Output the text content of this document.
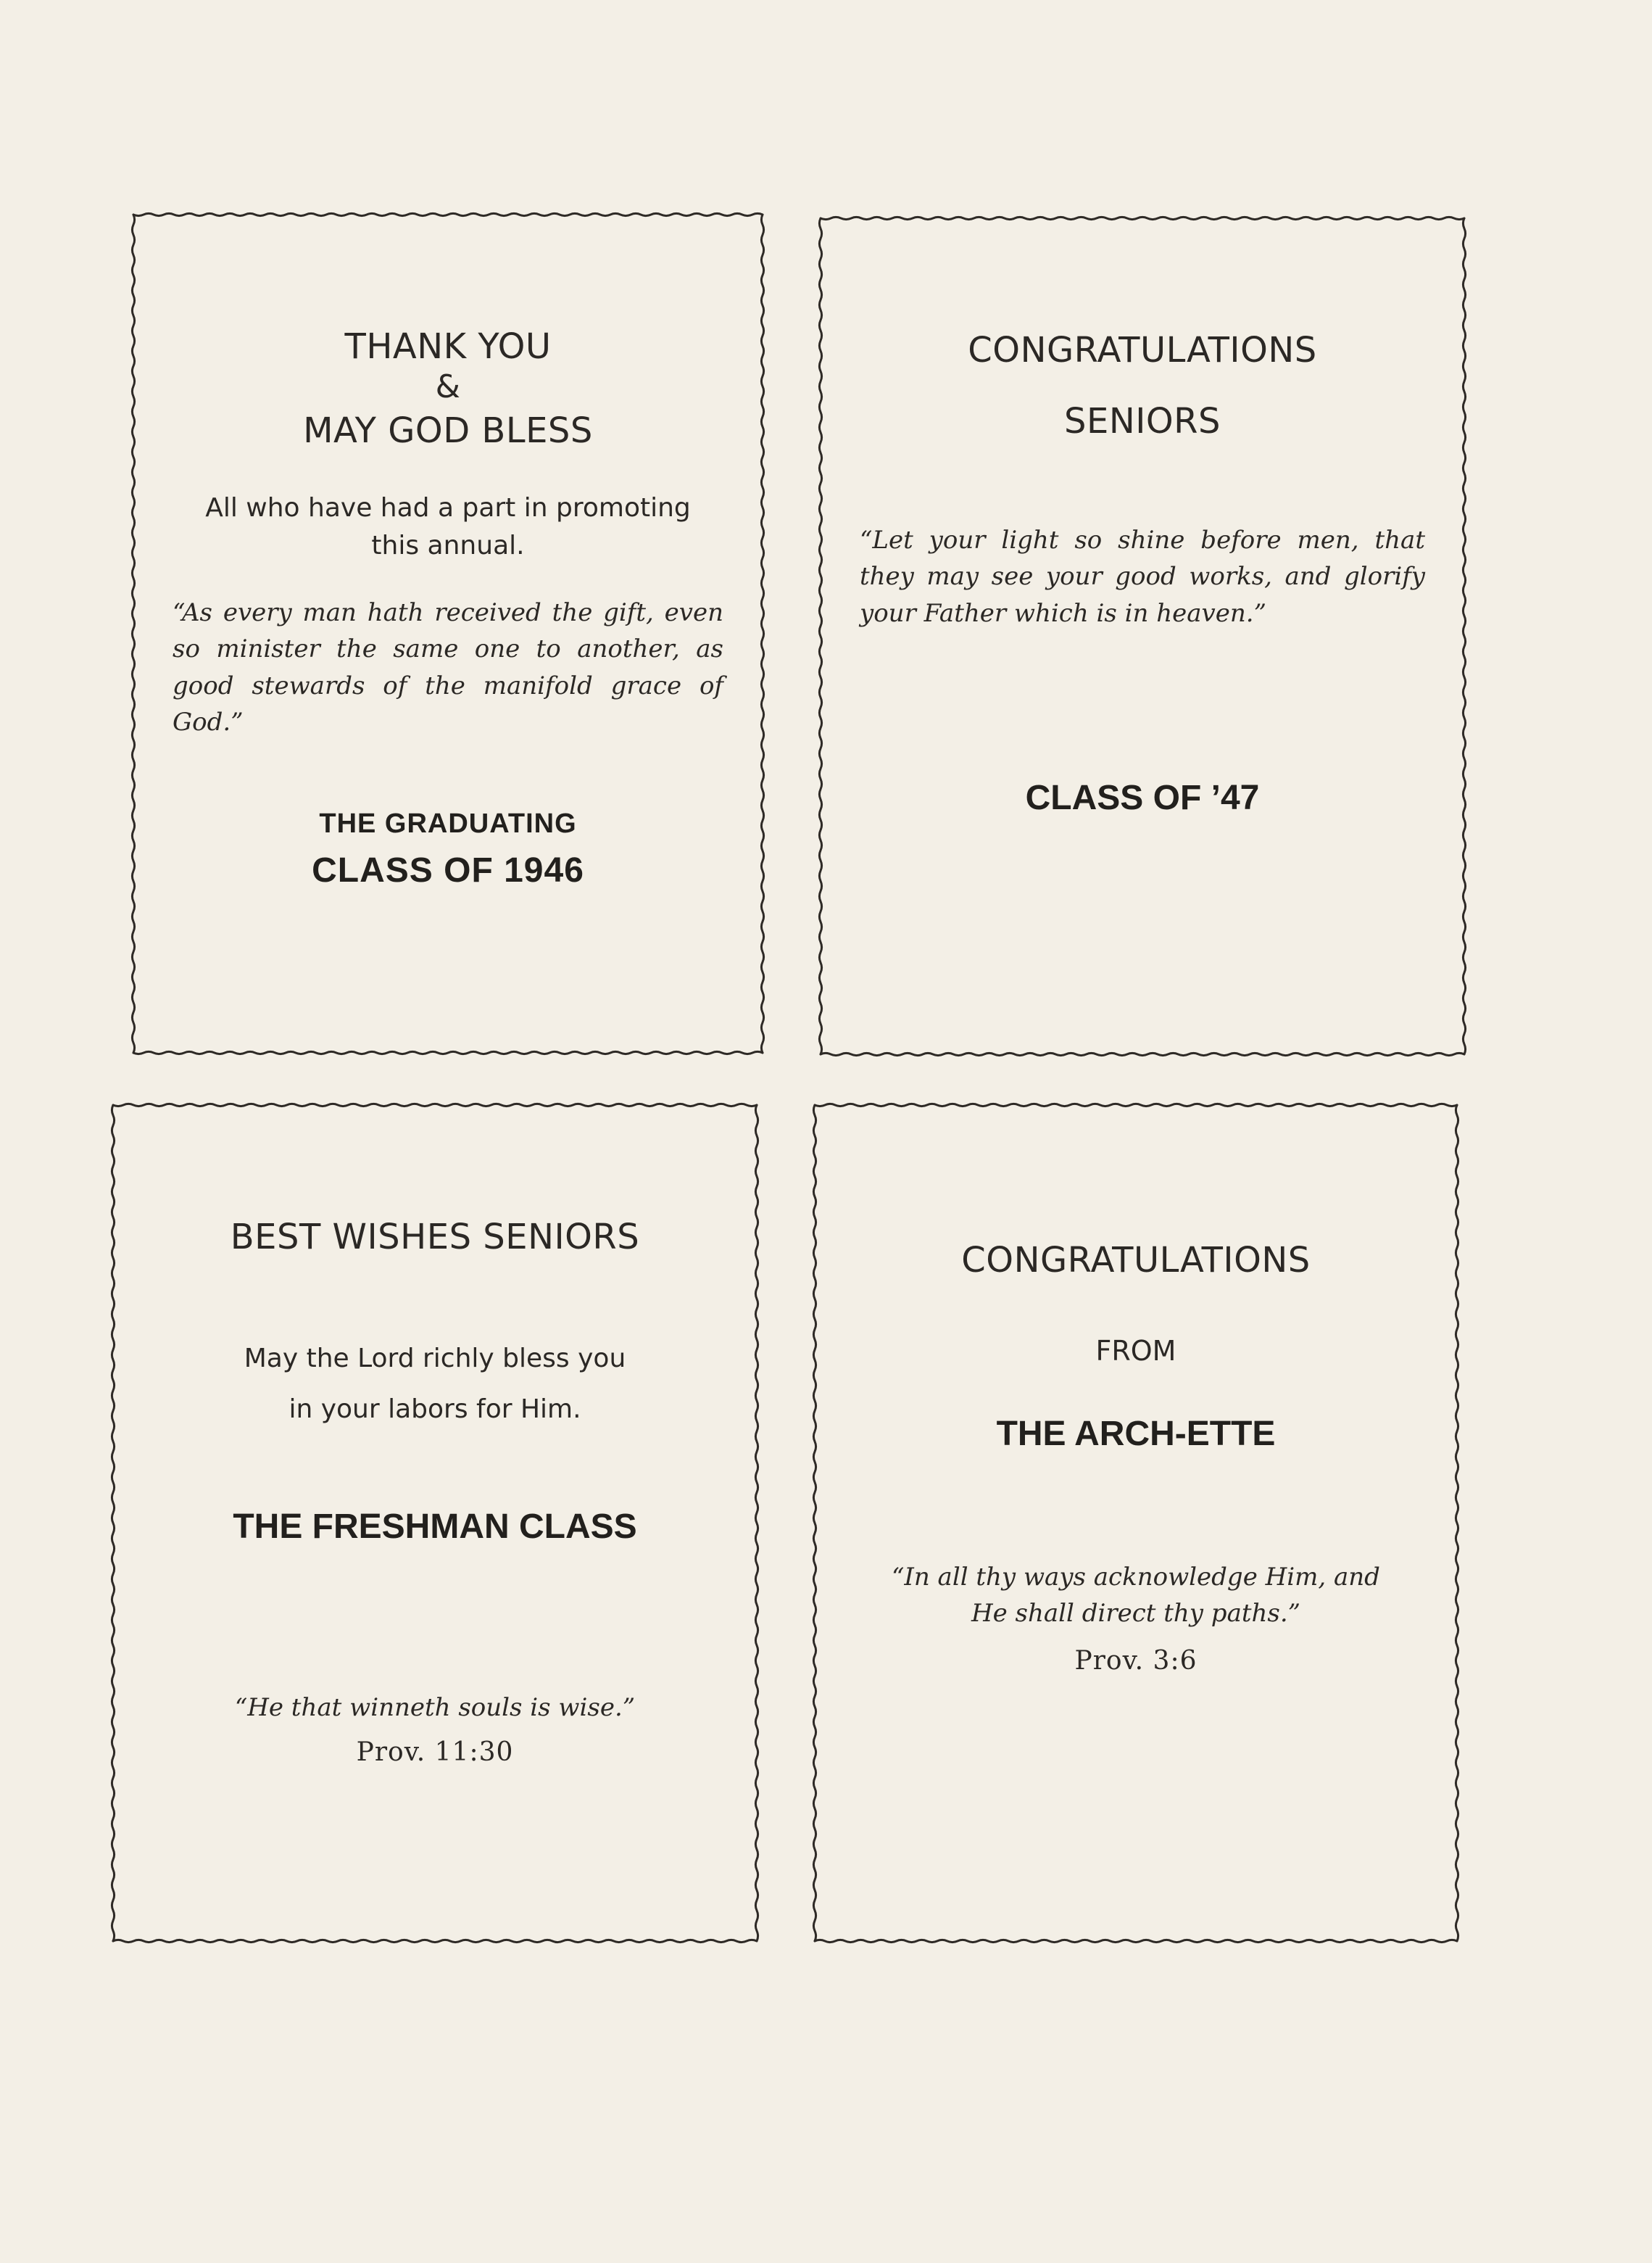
THANK YOU
&
MAY GOD BLESS
All who have had a part in promoting this annual.
“As every man hath received the gift, even so minister the same one to another, as good stewards of the manifold grace of God.”
THE GRADUATING
CLASS OF 1946
CONGRATULATIONS
SENIORS
“Let your light so shine before men, that they may see your good works, and glorify your Father which is in heaven.”
CLASS OF ’47
BEST WISHES SENIORS
May the Lord richly bless you
in your labors for Him.
THE FRESHMAN CLASS
“He that winneth souls is wise.”
Prov. 11:30
CONGRATULATIONS
FROM
THE ARCH-ETTE
“In all thy ways acknowledge Him, and He shall direct thy paths.”
Prov. 3:6
